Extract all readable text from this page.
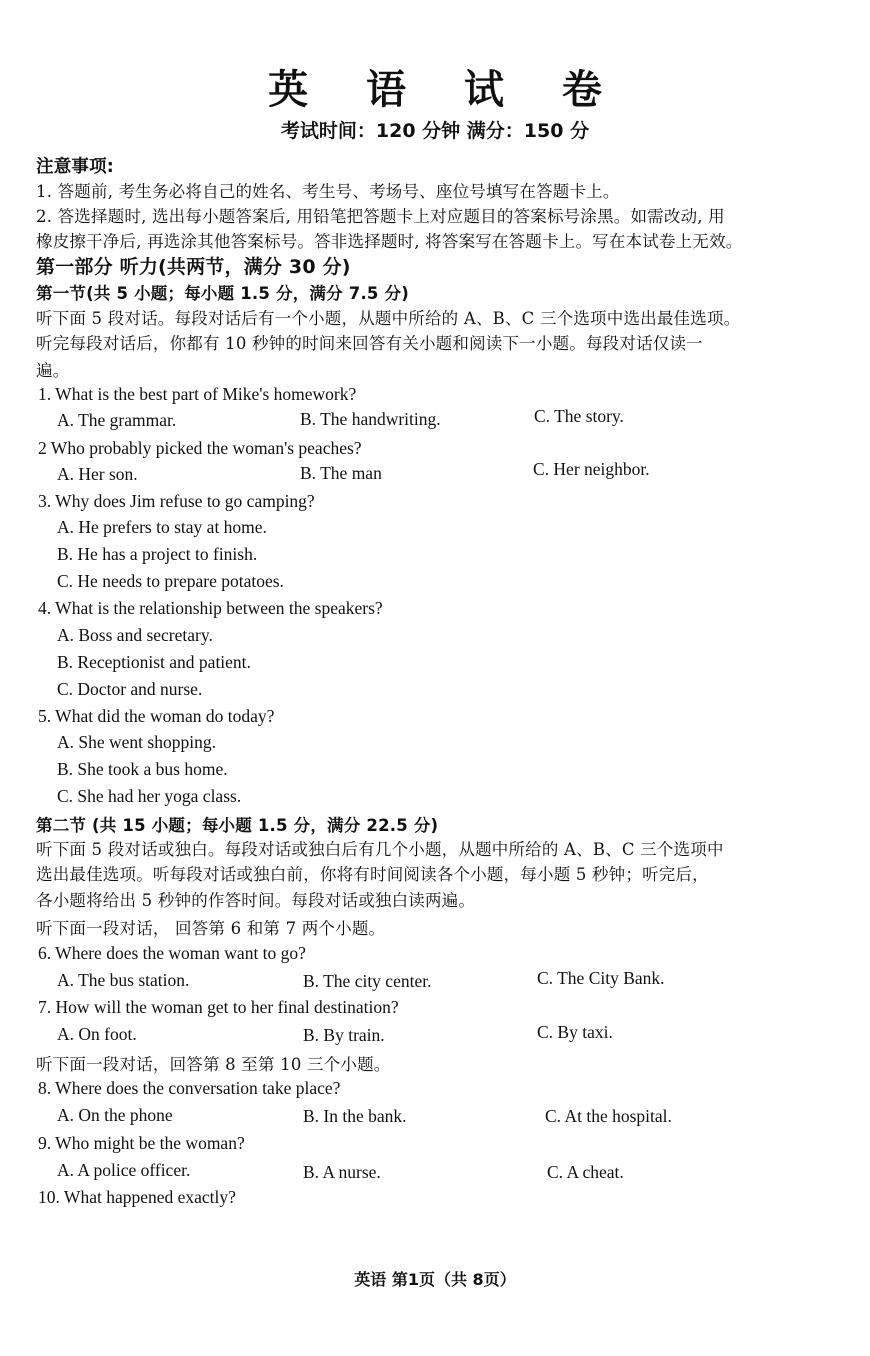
英 语 试 卷
考试时间：120 分钟 满分：150 分
注意事项:
1. 答题前, 考生务必将自己的姓名、考生号、考场号、座位号填写在答题卡上。
2. 答选择题时, 选出每小题答案后, 用铅笔把答题卡上对应题目的答案标号涂黑。如需改动, 用
橡皮擦干净后, 再选涂其他答案标号。答非选择题时, 将答案写在答题卡上。写在本试卷上无效。
第一部分 听力(共两节，满分 30 分)
第一节(共 5 小题；每小题 1.5 分，满分 7.5 分)
听下面 5 段对话。每段对话后有一个小题，从题中所给的 A、B、C 三个选项中选出最佳选项。
听完每段对话后，你都有 10 秒钟的时间来回答有关小题和阅读下一小题。每段对话仅读一
遍。
1. What is the best part of Mike's homework?
A. The grammar.	B. The handwriting.	C. The story.
2 Who probably picked the woman's peaches?
A. Her son.	B. The man	C. Her neighbor.
3. Why does Jim refuse to go camping?
A. He prefers to stay at home.
B. He has a project to finish.
C. He needs to prepare potatoes.
4. What is the relationship between the speakers?
A. Boss and secretary.
B. Receptionist and patient.
C. Doctor and nurse.
5. What did the woman do today?
A. She went shopping.
B. She took a bus home.
C. She had her yoga class.
第二节 (共 15 小题；每小题 1.5 分，满分 22.5 分)
听下面 5 段对话或独白。每段对话或独白后有几个小题，从题中所给的 A、B、C 三个选项中
选出最佳选项。听每段对话或独白前，你将有时间阅读各个小题，每小题 5 秒钟；听完后，
各小题将给出 5 秒钟的作答时间。每段对话或独白读两遍。
听下面一段对话， 回答第 6 和第 7 两个小题。
6. Where does the woman want to go?
A. The bus station.	B. The city center.	C. The City Bank.
7. How will the woman get to her final destination?
A. On foot.	B. By train.	C. By taxi.
听下面一段对话，回答第 8 至第 10 三个小题。
8. Where does the conversation take place?
A. On the phone	B. In the bank.	C. At the hospital.
9. Who might be the woman?
A. A police officer.	B. A nurse.	C. A cheat.
10. What happened exactly?
英语 第1页（共 8页）
